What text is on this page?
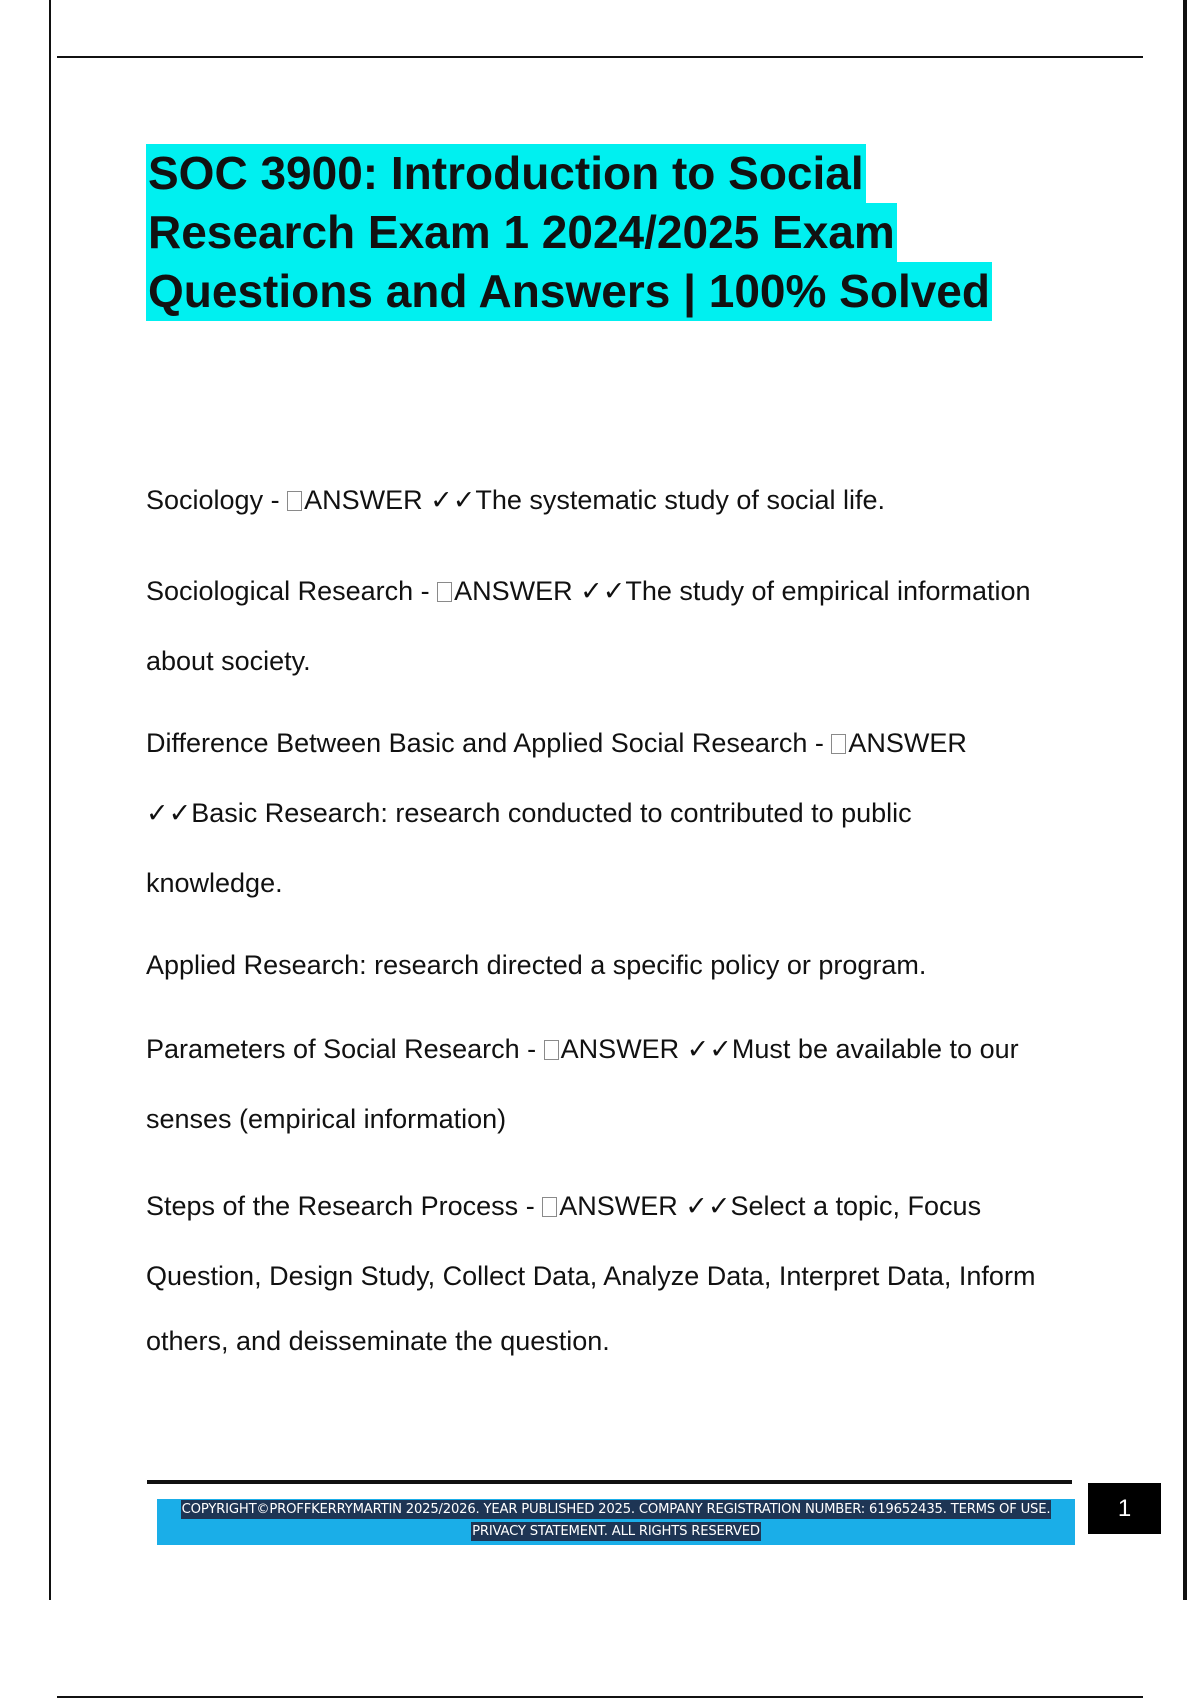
SOC 3900: Introduction to Social
Research Exam 1 2024/2025 Exam
Questions and Answers | 100% Solved
Sociology - ANSWER ✓✓The systematic study of social life.
Sociological Research - ANSWER ✓✓The study of empirical information
about society.
Difference Between Basic and Applied Social Research - ANSWER
✓✓Basic Research: research conducted to contributed to public
knowledge.
Applied Research: research directed a specific policy or program.
Parameters of Social Research - ANSWER ✓✓Must be available to our
senses (empirical information)
Steps of the Research Process - ANSWER ✓✓Select a topic, Focus
Question, Design Study, Collect Data, Analyze Data, Interpret Data, Inform
others, and deisseminate the question.
COPYRIGHT©PROFFKERRYMARTIN 2025/2026. YEAR PUBLISHED 2025. COMPANY REGISTRATION NUMBER: 619652435. TERMS OF USE.
PRIVACY STATEMENT. ALL RIGHTS RESERVED
1
